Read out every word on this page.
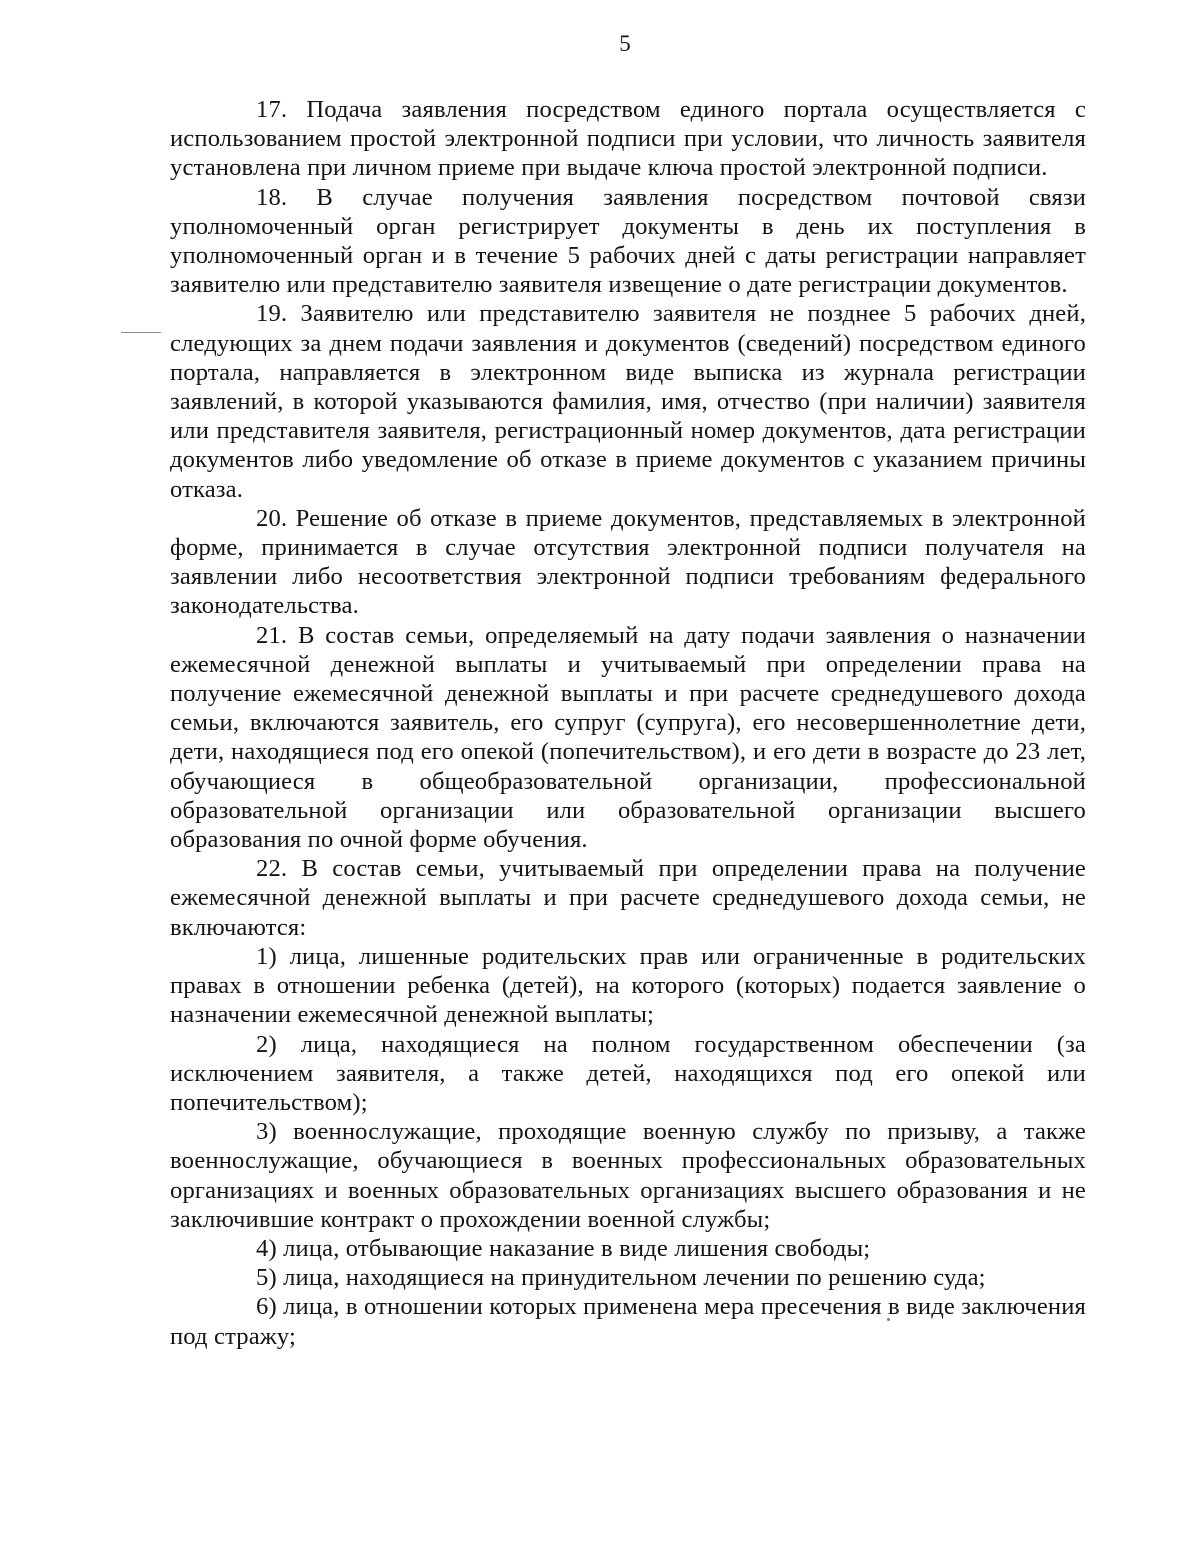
5

17. Подача заявления посредством единого портала осуществляется с использованием простой электронной подписи при условии, что личность заявителя установлена при личном приеме при выдаче ключа простой электронной подписи.

18. В случае получения заявления посредством почтовой связи уполномоченный орган регистрирует документы в день их поступления в уполномоченный орган и в течение 5 рабочих дней с даты регистрации направляет заявителю или представителю заявителя извещение о дате регистрации документов.

19. Заявителю или представителю заявителя не позднее 5 рабочих дней, следующих за днем подачи заявления и документов (сведений) посредством единого портала, направляется в электронном виде выписка из журнала регистрации заявлений, в которой указываются фамилия, имя, отчество (при наличии) заявителя или представителя заявителя, регистрационный номер документов, дата регистрации документов либо уведомление об отказе в приеме документов с указанием причины отказа.

20. Решение об отказе в приеме документов, представляемых в электронной форме, принимается в случае отсутствия электронной подписи получателя на заявлении либо несоответствия электронной подписи требованиям федерального законодательства.

21. В состав семьи, определяемый на дату подачи заявления о назначении ежемесячной денежной выплаты и учитываемый при определении права на получение ежемесячной денежной выплаты и при расчете среднедушевого дохода семьи, включаются заявитель, его супруг (супруга), его несовершеннолетние дети, дети, находящиеся под его опекой (попечительством), и его дети в возрасте до 23 лет, обучающиеся в общеобразовательной организации, профессиональной образовательной организации или образовательной организации высшего образования по очной форме обучения.

22. В состав семьи, учитываемый при определении права на получение ежемесячной денежной выплаты и при расчете среднедушевого дохода семьи, не включаются:

1) лица, лишенные родительских прав или ограниченные в родительских правах в отношении ребенка (детей), на которого (которых) подается заявление о назначении ежемесячной денежной выплаты;

2) лица, находящиеся на полном государственном обеспечении (за исключением заявителя, а также детей, находящихся под его опекой или попечительством);

3) военнослужащие, проходящие военную службу по призыву, а также военнослужащие, обучающиеся в военных профессиональных образовательных организациях и военных образовательных организациях высшего образования и не заключившие контракт о прохождении военной службы;

4) лица, отбывающие наказание в виде лишения свободы;

5) лица, находящиеся на принудительном лечении по решению суда;

6) лица, в отношении которых применена мера пресечения в виде заключения под стражу;
